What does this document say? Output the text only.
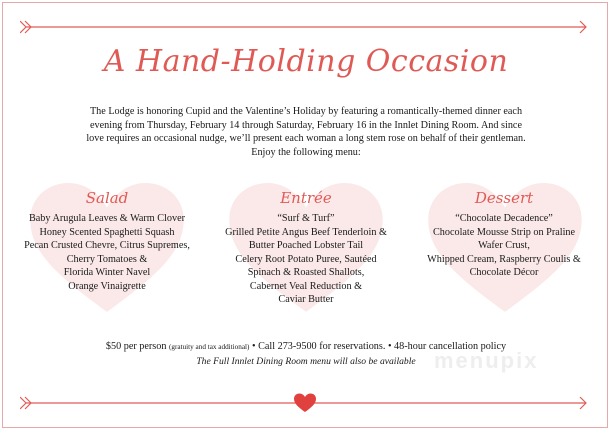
A Hand-Holding Occasion
The Lodge is honoring Cupid and the Valentine’s Holiday by featuring a romantically-themed dinner each
evening from Thursday, February 14 through Saturday, February 16 in the Innlet Dining Room. And since
love requires an occasional nudge, we’ll present each woman a long stem rose on behalf of their gentleman.
Enjoy the following menu:
Salad
Baby Arugula Leaves & Warm Clover
Honey Scented Spaghetti Squash
Pecan Crusted Chevre, Citrus Supremes,
Cherry Tomatoes &
Florida Winter Navel
Orange Vinaigrette
Entrée
“Surf & Turf”
Grilled Petite Angus Beef Tenderloin &
Butter Poached Lobster Tail
Celery Root Potato Puree, Sautéed
Spinach & Roasted Shallots,
Cabernet Veal Reduction &
Caviar Butter
Dessert
“Chocolate Decadence”
Chocolate Mousse Strip on Praline
Wafer Crust,
Whipped Cream, Raspberry Coulis &
Chocolate Décor
menupix
$50 per person (gratuity and tax additional) • Call 273-9500 for reservations. • 48-hour cancellation policy
The Full Innlet Dining Room menu will also be available
